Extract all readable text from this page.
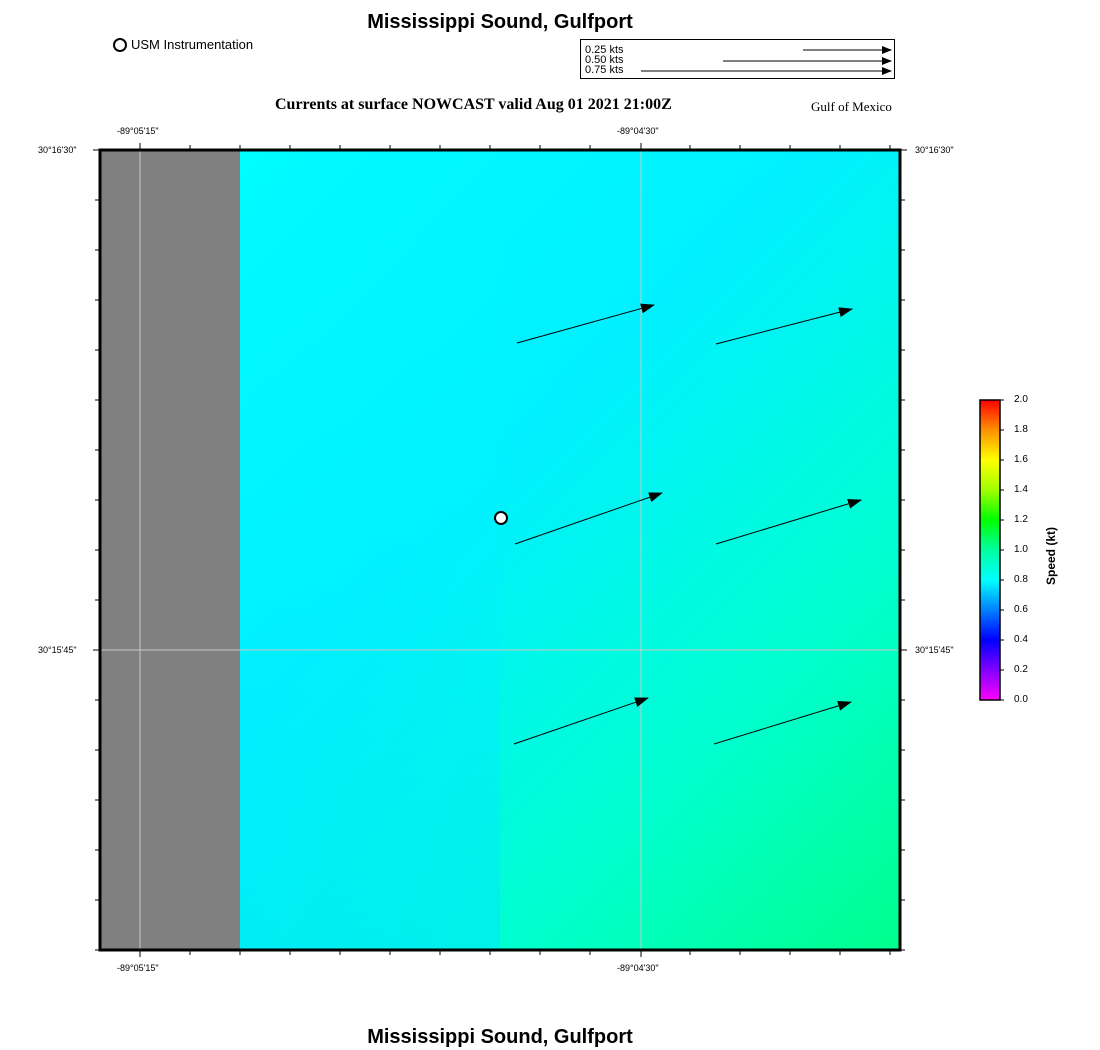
Mississippi Sound, Gulfport
USM Instrumentation	0.25 kts
0.50 kts
0.75 kts
Currents at surface NOWCAST valid Aug 01 2021 21:00Z	Gulf of Mexico
-89°05'15"	-89°04'30"
30°16'30"
30°15'45"
30°16'30"
30°15'45"
-89°05'15"	-89°04'30"
2.0
1.8
1.6
1.4
1.2
1.0
0.8
0.6
0.4
0.2
0.0
Speed (kt)
Mississippi Sound, Gulfport
